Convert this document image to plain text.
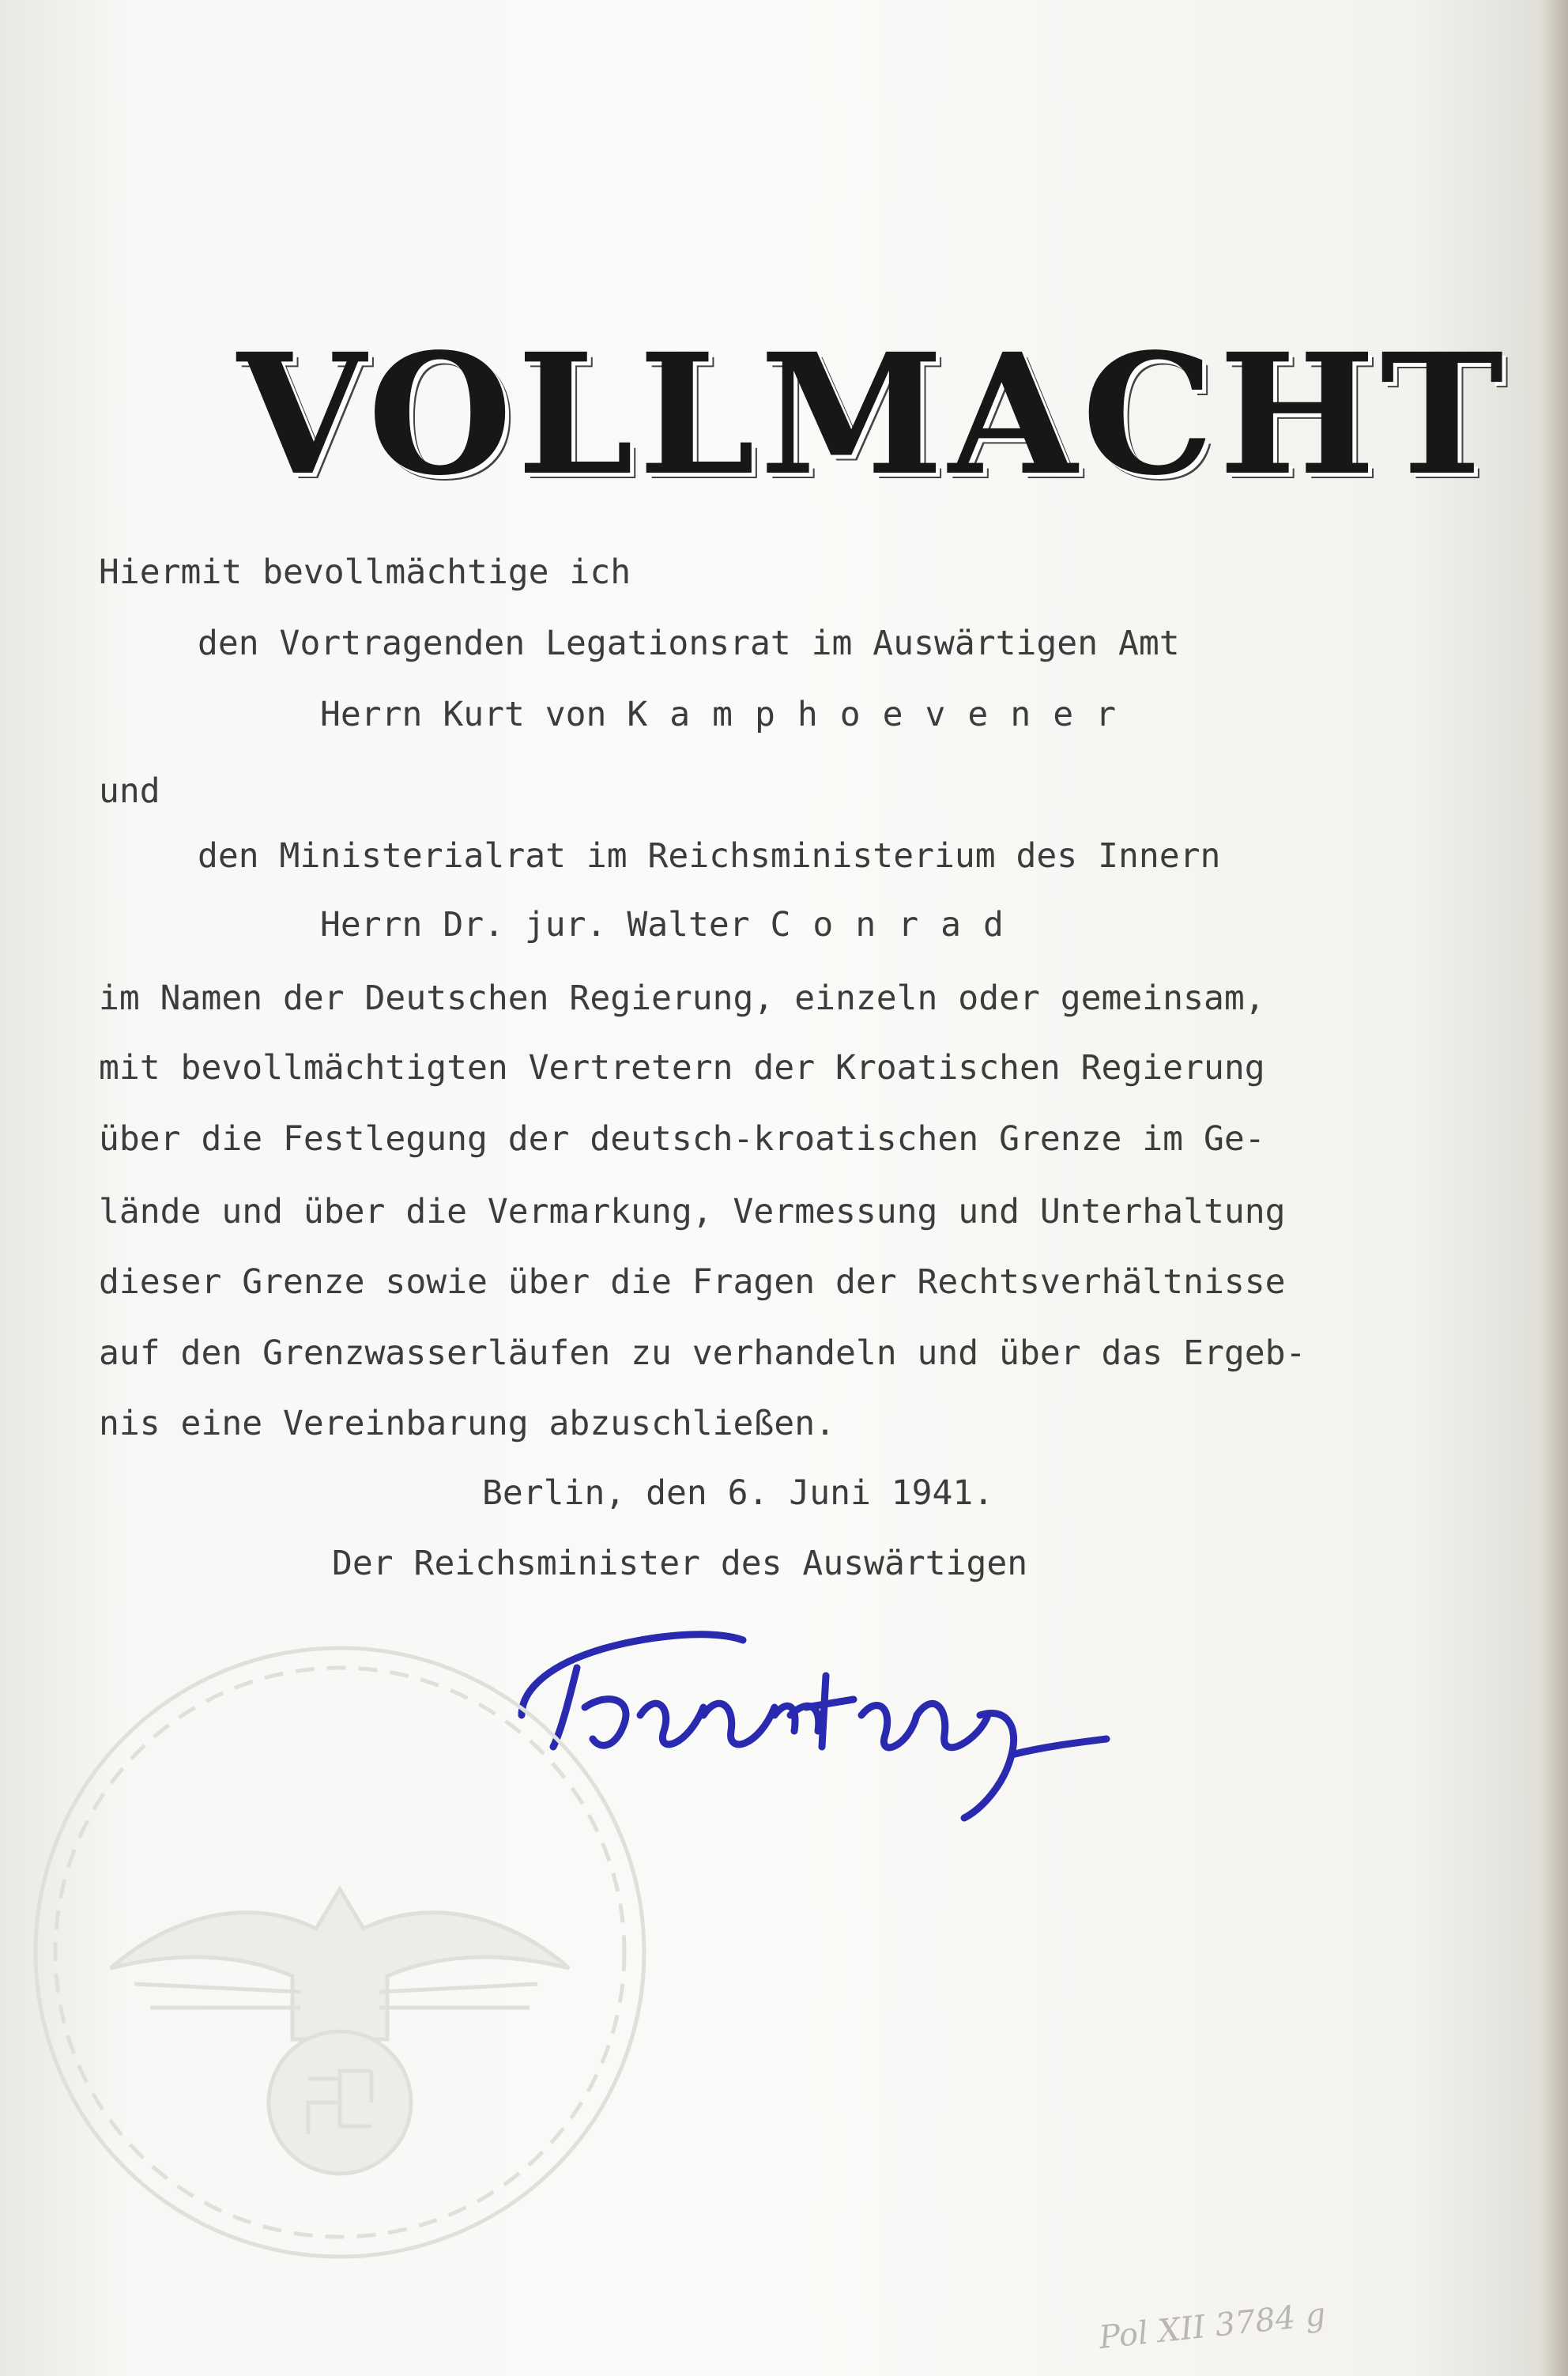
VOLLMACHT

Hiermit bevollmächtige ich

den Vortragenden Legationsrat im Auswärtigen Amt

Herrn Kurt von Kamphoevener

und

den Ministerialrat im Reichsministerium des Innern

Herrn Dr. jur. Walter Conrad

im Namen der Deutschen Regierung, einzeln oder gemeinsam,

mit bevollmächtigten Vertretern der Kroatischen Regierung

über die Festlegung der deutsch-kroatischen Grenze im Ge-

lände und über die Vermarkung, Vermessung und Unterhaltung

dieser Grenze sowie über die Fragen der Rechtsverhältnisse

auf den Grenzwasserläufen zu verhandeln und über das Ergeb-

nis eine Vereinbarung abzuschließen.

Berlin, den 6. Juni 1941.

Der Reichsminister des Auswärtigen

Pol XII 3784 g
